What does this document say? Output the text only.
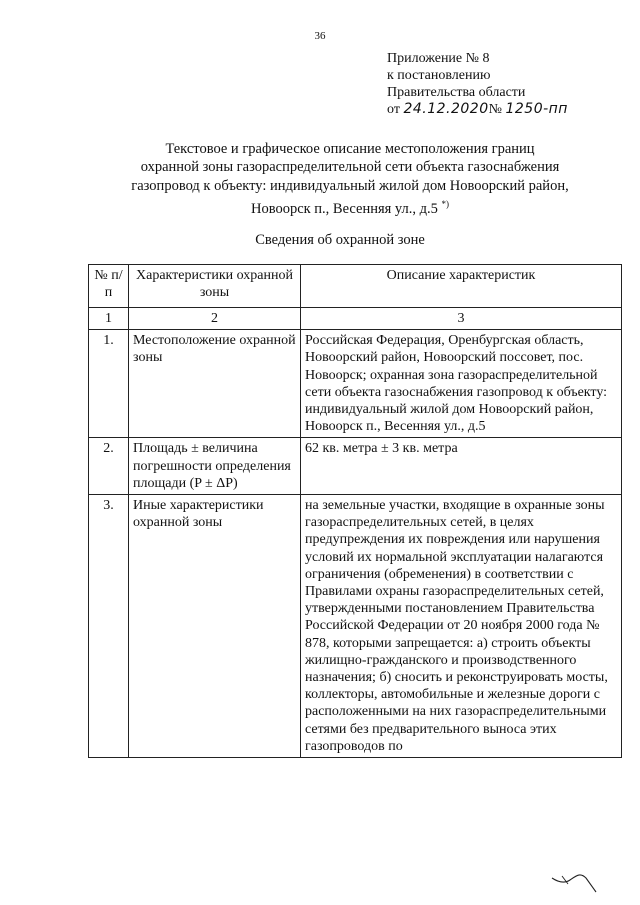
36
Приложение № 8
к постановлению
Правительства области
от 24.12.2020№ 1250-пп
Текстовое и графическое описание местоположения границ
охранной зоны газораспределительной сети объекта газоснабжения
газопровод к объекту: индивидуальный жилой дом Новоорский район,
Новоорск п., Весенняя ул., д.5 *)
Сведения об охранной зоне
№ п/п	Характеристики охранной зоны	Описание характеристик
1	2	3
1.	Местоположение охранной зоны	Российская Федерация, Оренбургская область, Новоорский район, Новоорский поссовет, пос. Новоорск; охранная зона газораспределительной сети объекта газоснабжения газопровод к объекту: индивидуальный жилой дом Новоорский район, Новоорск п., Весенняя ул., д.5
2.	Площадь ± величина погрешности определения площади (P ± ΔP)	62 кв. метра ± 3 кв. метра
3.	Иные характеристики охранной зоны	на земельные участки, входящие в охранные зоны газораспределительных сетей, в целях предупреждения их повреждения или нарушения условий их нормальной эксплуатации налагаются ограничения (обременения) в соответствии с Правилами охраны газораспределительных сетей, утвержденными постановлением Правительства Российской Федерации от 20 ноября 2000 года № 878, которыми запрещается: а) строить объекты жилищно-гражданского и производственного назначения; б) сносить и реконструировать мосты, коллекторы, автомобильные и железные дороги с расположенными на них газораспределительными сетями без предварительного выноса этих газопроводов по
